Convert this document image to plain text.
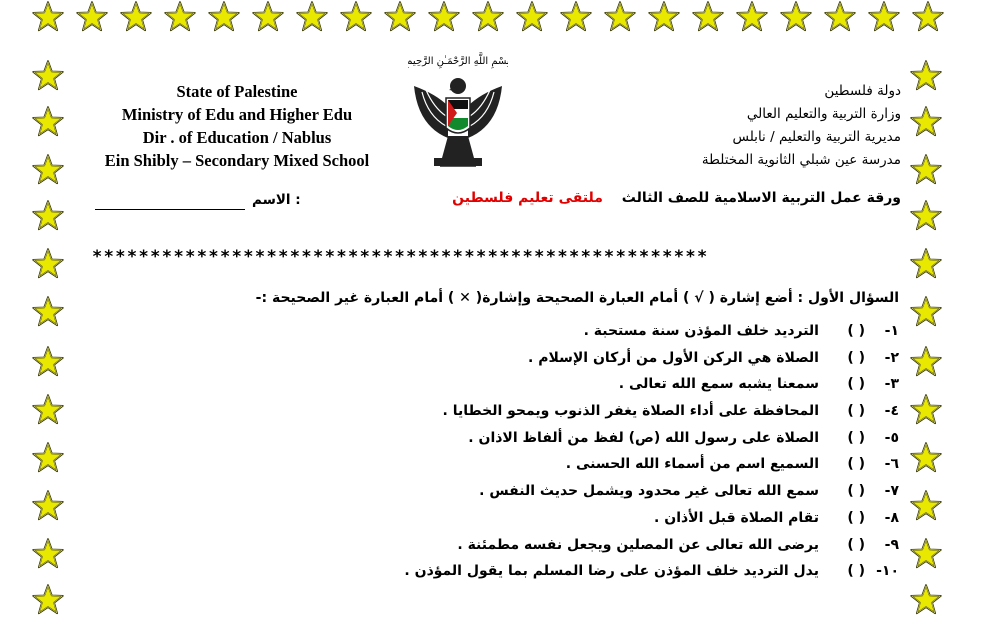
State of Palestine
Ministry of Edu and Higher Edu
Dir . of Education / Nablus
Ein Shibly – Secondary Mixed School
دولة فلسطين
وزارة التربية والتعليم العالي
مديرية التربية والتعليم / نابلس
مدرسة عين شبلي الثانوية المختلطة
بِسْمِ اللَّهِ الرَّحْمَـٰنِ الرَّحِيمِ
ورقة عمل التربية الاسلامية للصف الثالث ملتقى تعليم فلسطين
الاسم :
*****************************************************
السؤال الأول : أضع إشارة ( √ ) أمام العبارة الصحيحة وإشارة( ✕ ) أمام العبارة غير الصحيحة :-
١-( )الترديد خلف المؤذن سنة مستحبة .
٢-( )الصلاة هي الركن الأول من أركان الإسلام .
٣-( )سمعنا يشبه سمع الله تعالى .
٤-( )المحافظة على أداء الصلاة يغفر الذنوب ويمحو الخطايا .
٥-( )الصلاة على رسول الله (ص) لفظ من ألفاظ الاذان .
٦-( )السميع اسم من أسماء الله الحسنى .
٧-( )سمع الله تعالى غير محدود ويشمل حديث النفس .
٨-( )تقام الصلاة قبل الأذان .
٩-( )يرضى الله تعالى عن المصلين ويجعل نفسه مطمئنة .
١٠-( )يدل الترديد خلف المؤذن على رضا المسلم بما يقول المؤذن .
